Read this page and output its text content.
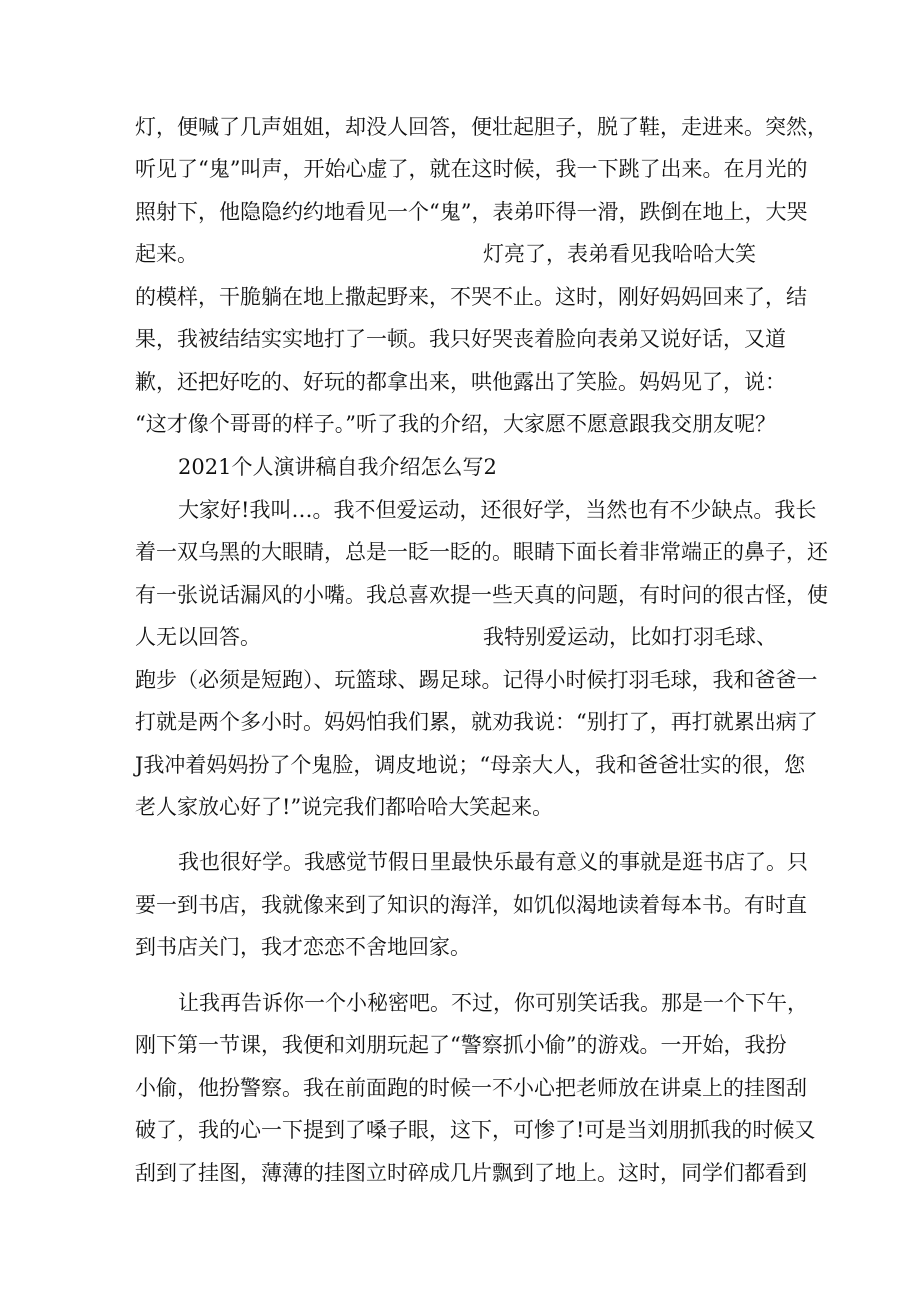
灯，便喊了几声姐姐，却没人回答，便壮起胆子，脱了鞋，走进来。突然，
听见了“鬼”叫声，开始心虚了，就在这时候，我一下跳了出来。在月光的
照射下，他隐隐约约地看见一个“鬼”，表弟吓得一滑，跌倒在地上，大哭
起来。	灯亮了，表弟看见我哈哈大笑
的模样，干脆躺在地上撒起野来，不哭不止。这时，刚好妈妈回来了，结
果，我被结结实实地打了一顿。我只好哭丧着脸向表弟又说好话，又道
歉，还把好吃的、好玩的都拿出来，哄他露出了笑脸。妈妈见了，说：
“这才像个哥哥的样子。”听了我的介绍，大家愿不愿意跟我交朋友呢？
2021个人演讲稿自我介绍怎么写2
大家好!我叫…。我不但爱运动，还很好学，当然也有不少缺点。我长
着一双乌黑的大眼睛，总是一眨一眨的。眼睛下面长着非常端正的鼻子，还
有一张说话漏风的小嘴。我总喜欢提一些天真的问题，有时问的很古怪，使
人无以回答。	我特别爱运动，比如打羽毛球、
跑步（必须是短跑）、玩篮球、踢足球。记得小时候打羽毛球，我和爸爸一
打就是两个多小时。妈妈怕我们累，就劝我说：“别打了，再打就累出病了
J我冲着妈妈扮了个鬼脸，调皮地说；“母亲大人，我和爸爸壮实的很，您
老人家放心好了!”说完我们都哈哈大笑起来。
我也很好学。我感觉节假日里最快乐最有意义的事就是逛书店了。只
要一到书店，我就像来到了知识的海洋，如饥似渴地读着每本书。有时直
到书店关门，我才恋恋不舍地回家。
让我再告诉你一个小秘密吧。不过，你可别笑话我。那是一个下午，
刚下第一节课，我便和刘朋玩起了“警察抓小偷”的游戏。一开始，我扮
小偷，他扮警察。我在前面跑的时候一不小心把老师放在讲桌上的挂图刮
破了，我的心一下提到了嗓子眼，这下，可惨了!可是当刘朋抓我的时候又
刮到了挂图，薄薄的挂图立时碎成几片飘到了地上。这时，同学们都看到
